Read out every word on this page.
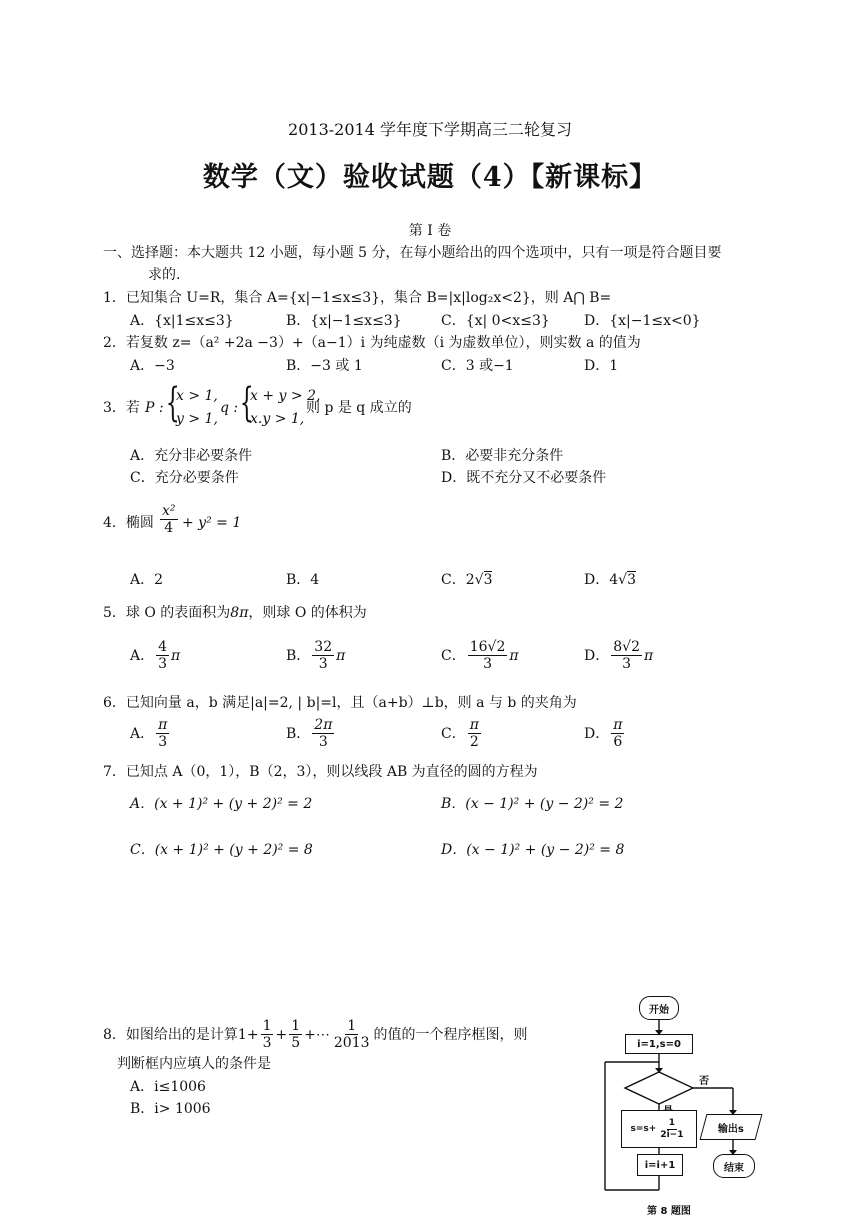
2013-2014 学年度下学期高三二轮复习
数学（文）验收试题（4）【新课标】
第 I 卷
一、选择题：本大题共 12 小题，每小题 5 分，在每小题给出的四个选项中，只有一项是符合题目要
求的.
1．已知集合 U=R，集合 A={x|−1≤x≤3}，集合 B=|x|log₂x<2}，则 A⋂ B=
A．{x|1≤x≤3}	B．{x|−1≤x≤3}	C．{x| 0<x≤3} D．{x|−1≤x<0}
2．若复数 z=（a² +2a −3）+（a−1）i 为纯虚数（i 为虚数单位），则实数 a 的值为
A．−3	B．−3 或 1	C．3 或−1	D．1
3．若 P : {
x > 1,
y > 1,
q : {
x + y > 2,
x.y > 1,
则 p 是 q 成立的
A．充分非必要条件	B．必要非充分条件
C．充分必要条件	D．既不充分又不必要条件
4．椭圆 $\frac{\text{x²}}{4} + y^2 = 1$
A．2	B．4	C．2√3	D．4√3
5．球 O 的表面积为8π，则球 O 的体积为
A． $\frac{4}{3}$ π	B． $\frac{32}{3}$ π	C． $\frac{16√2}{3}$ π	D． $\frac{8√2}{3}$ π
6．已知向量 a，b 满足|a|=2, | b|=l，且（a+b）⊥b，则 a 与 b 的夹角为
A． $\frac{\pi}{3}$	B． $\frac{2\pi}{3}$	C． $\frac{\pi}{2}$	D． $\frac{\pi}{6}$
7．已知点 A（0，1），B（2，3），则以线段 AB 为直径的圆的方程为
A．(x + 1)² + (y + 2)² = 2	B．(x − 1)² + (y − 2)² = 2
C．(x + 1)² + (y + 2)² = 8	D．(x − 1)² + (y − 2)² = 8
8．如图给出的是计算 $1+ \frac{1}{3} + \frac{1}{5}$ +⋯ $\frac{1}{2013}$ 的值的一个程序框图，则
判断框内应填人的条件是
A．i≤1006
B．i> 1006
开始
i=1,s=0
否
$s=s+ \frac{1}{2i-1}$	输出s
i=i+1	结束
第 8 题图
